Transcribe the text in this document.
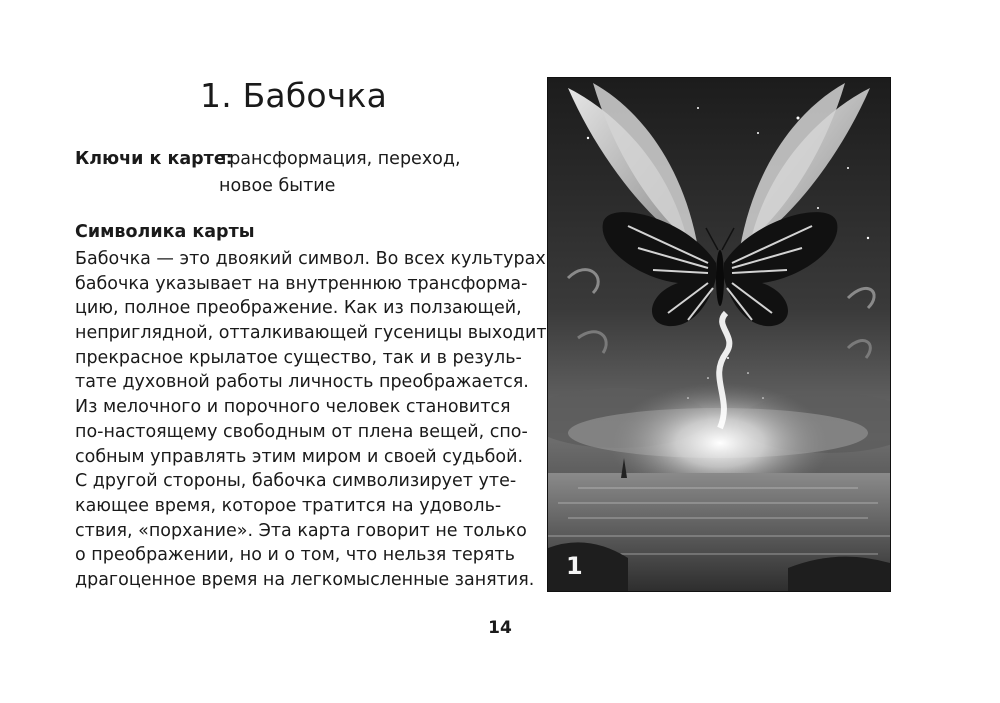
1. Бабочка
Ключи к карте:
трансформация, переход,
новое бытие
Символика карты
Бабочка — это двоякий символ. Во всех культурах
бабочка указывает на внутреннюю трансформа-
цию, полное преображение. Как из ползающей,
неприглядной, отталкивающей гусеницы выходит
прекрасное крылатое существо, так и в резуль-
тате духовной работы личность преображается.
Из мелочного и порочного человек становится
по-настоящему свободным от плена вещей, спо-
собным управлять этим миром и своей судьбой.
С другой стороны, бабочка символизирует уте-
кающее время, которое тратится на удоволь-
ствия, «порхание». Эта карта говорит не только
о преображении, но и о том, что нельзя терять
драгоценное время на легкомысленные занятия.
14
1
